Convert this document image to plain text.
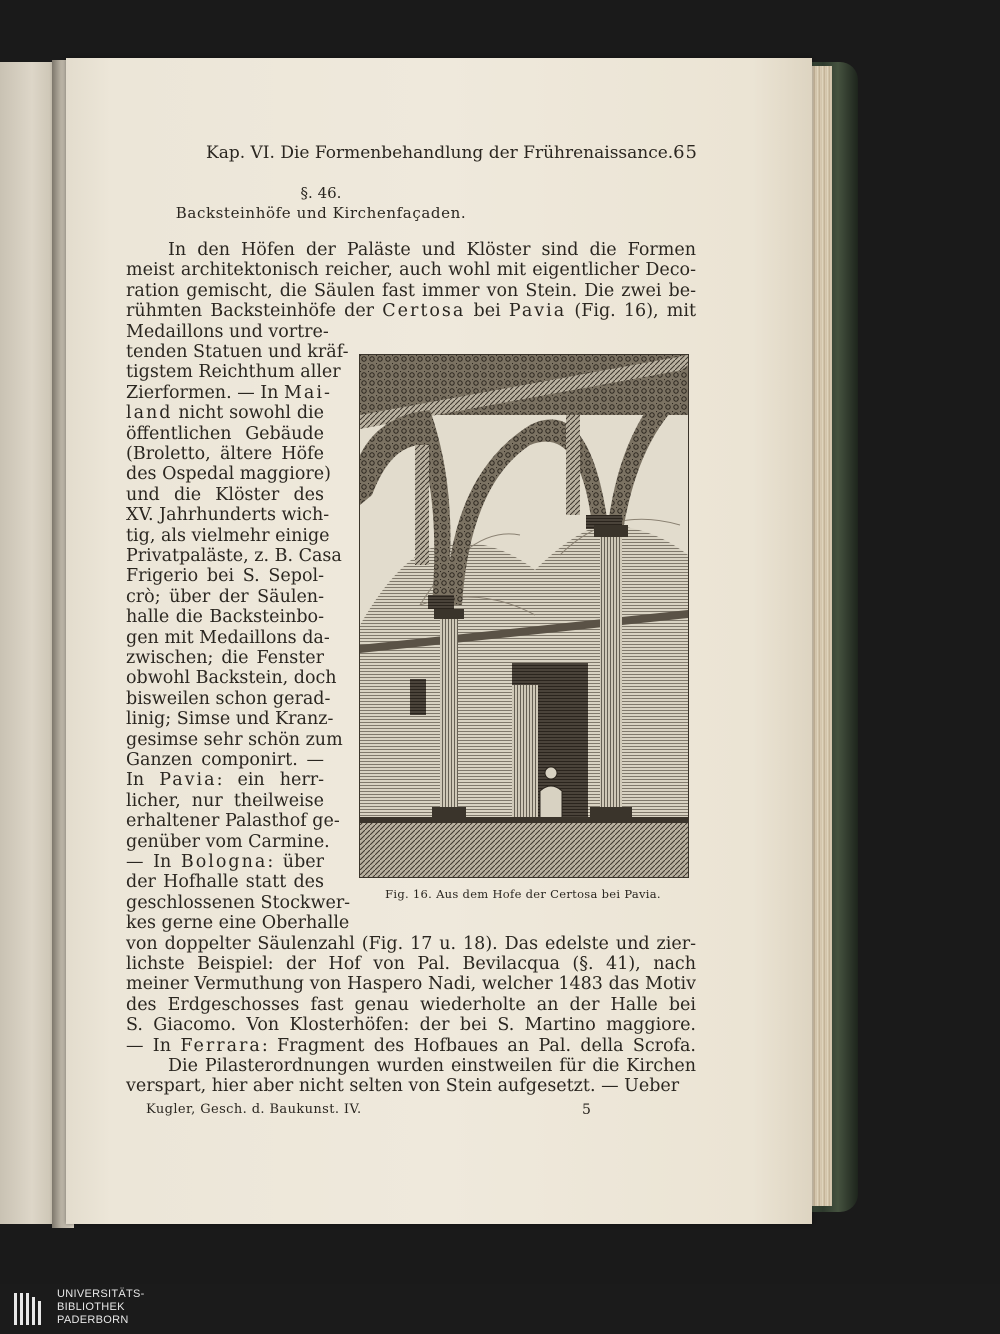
Kap. VI. Die Formenbehandlung der Frührenaissance. 65
§. 46.
Backsteinhöfe und Kirchenfaçaden.
In den Höfen der Paläste und Klöster sind die Formen
meist architektonisch reicher, auch wohl mit eigentlicher Deco-
ration gemischt, die Säulen fast immer von Stein. Die zwei be-
rühmten Backsteinhöfe der Certosa bei Pavia (Fig. 16), mit
Medaillons und vortre-
tenden Statuen und kräf-
tigstem Reichthum aller
Zierformen. — In Mai-
land nicht sowohl die
öffentlichen Gebäude
(Broletto, ältere Höfe
des Ospedal maggiore)
und die Klöster des
XV. Jahrhunderts wich-
tig, als vielmehr einige
Privatpaläste, z. B. Casa
Frigerio bei S. Sepol-
crò; über der Säulen-
halle die Backsteinbo-
gen mit Medaillons da-
zwischen; die Fenster
obwohl Backstein, doch
bisweilen schon gerad-
linig; Simse und Kranz-
gesimse sehr schön zum
Ganzen componirt. —
In Pavia: ein herr-
licher, nur theilweise
erhaltener Palasthof ge-
genüber vom Carmine.
— In Bologna: über
der Hofhalle statt des
geschlossenen Stockwer-
kes gerne eine Oberhalle
von doppelter Säulenzahl (Fig. 17 u. 18). Das edelste und zier-
lichste Beispiel: der Hof von Pal. Bevilacqua (§. 41), nach
meiner Vermuthung von Haspero Nadi, welcher 1483 das Motiv
des Erdgeschosses fast genau wiederholte an der Halle bei
S. Giacomo. Von Klosterhöfen: der bei S. Martino maggiore.
— In Ferrara: Fragment des Hofbaues an Pal. della Scrofa.
Die Pilasterordnungen wurden einstweilen für die Kirchen
verspart, hier aber nicht selten von Stein aufgesetzt. — Ueber
Fig. 16. Aus dem Hofe der Certosa bei Pavia.
Kugler, Gesch. d. Baukunst. IV.	5
UNIVERSITÄTS-
BIBLIOTHEK
PADERBORN
